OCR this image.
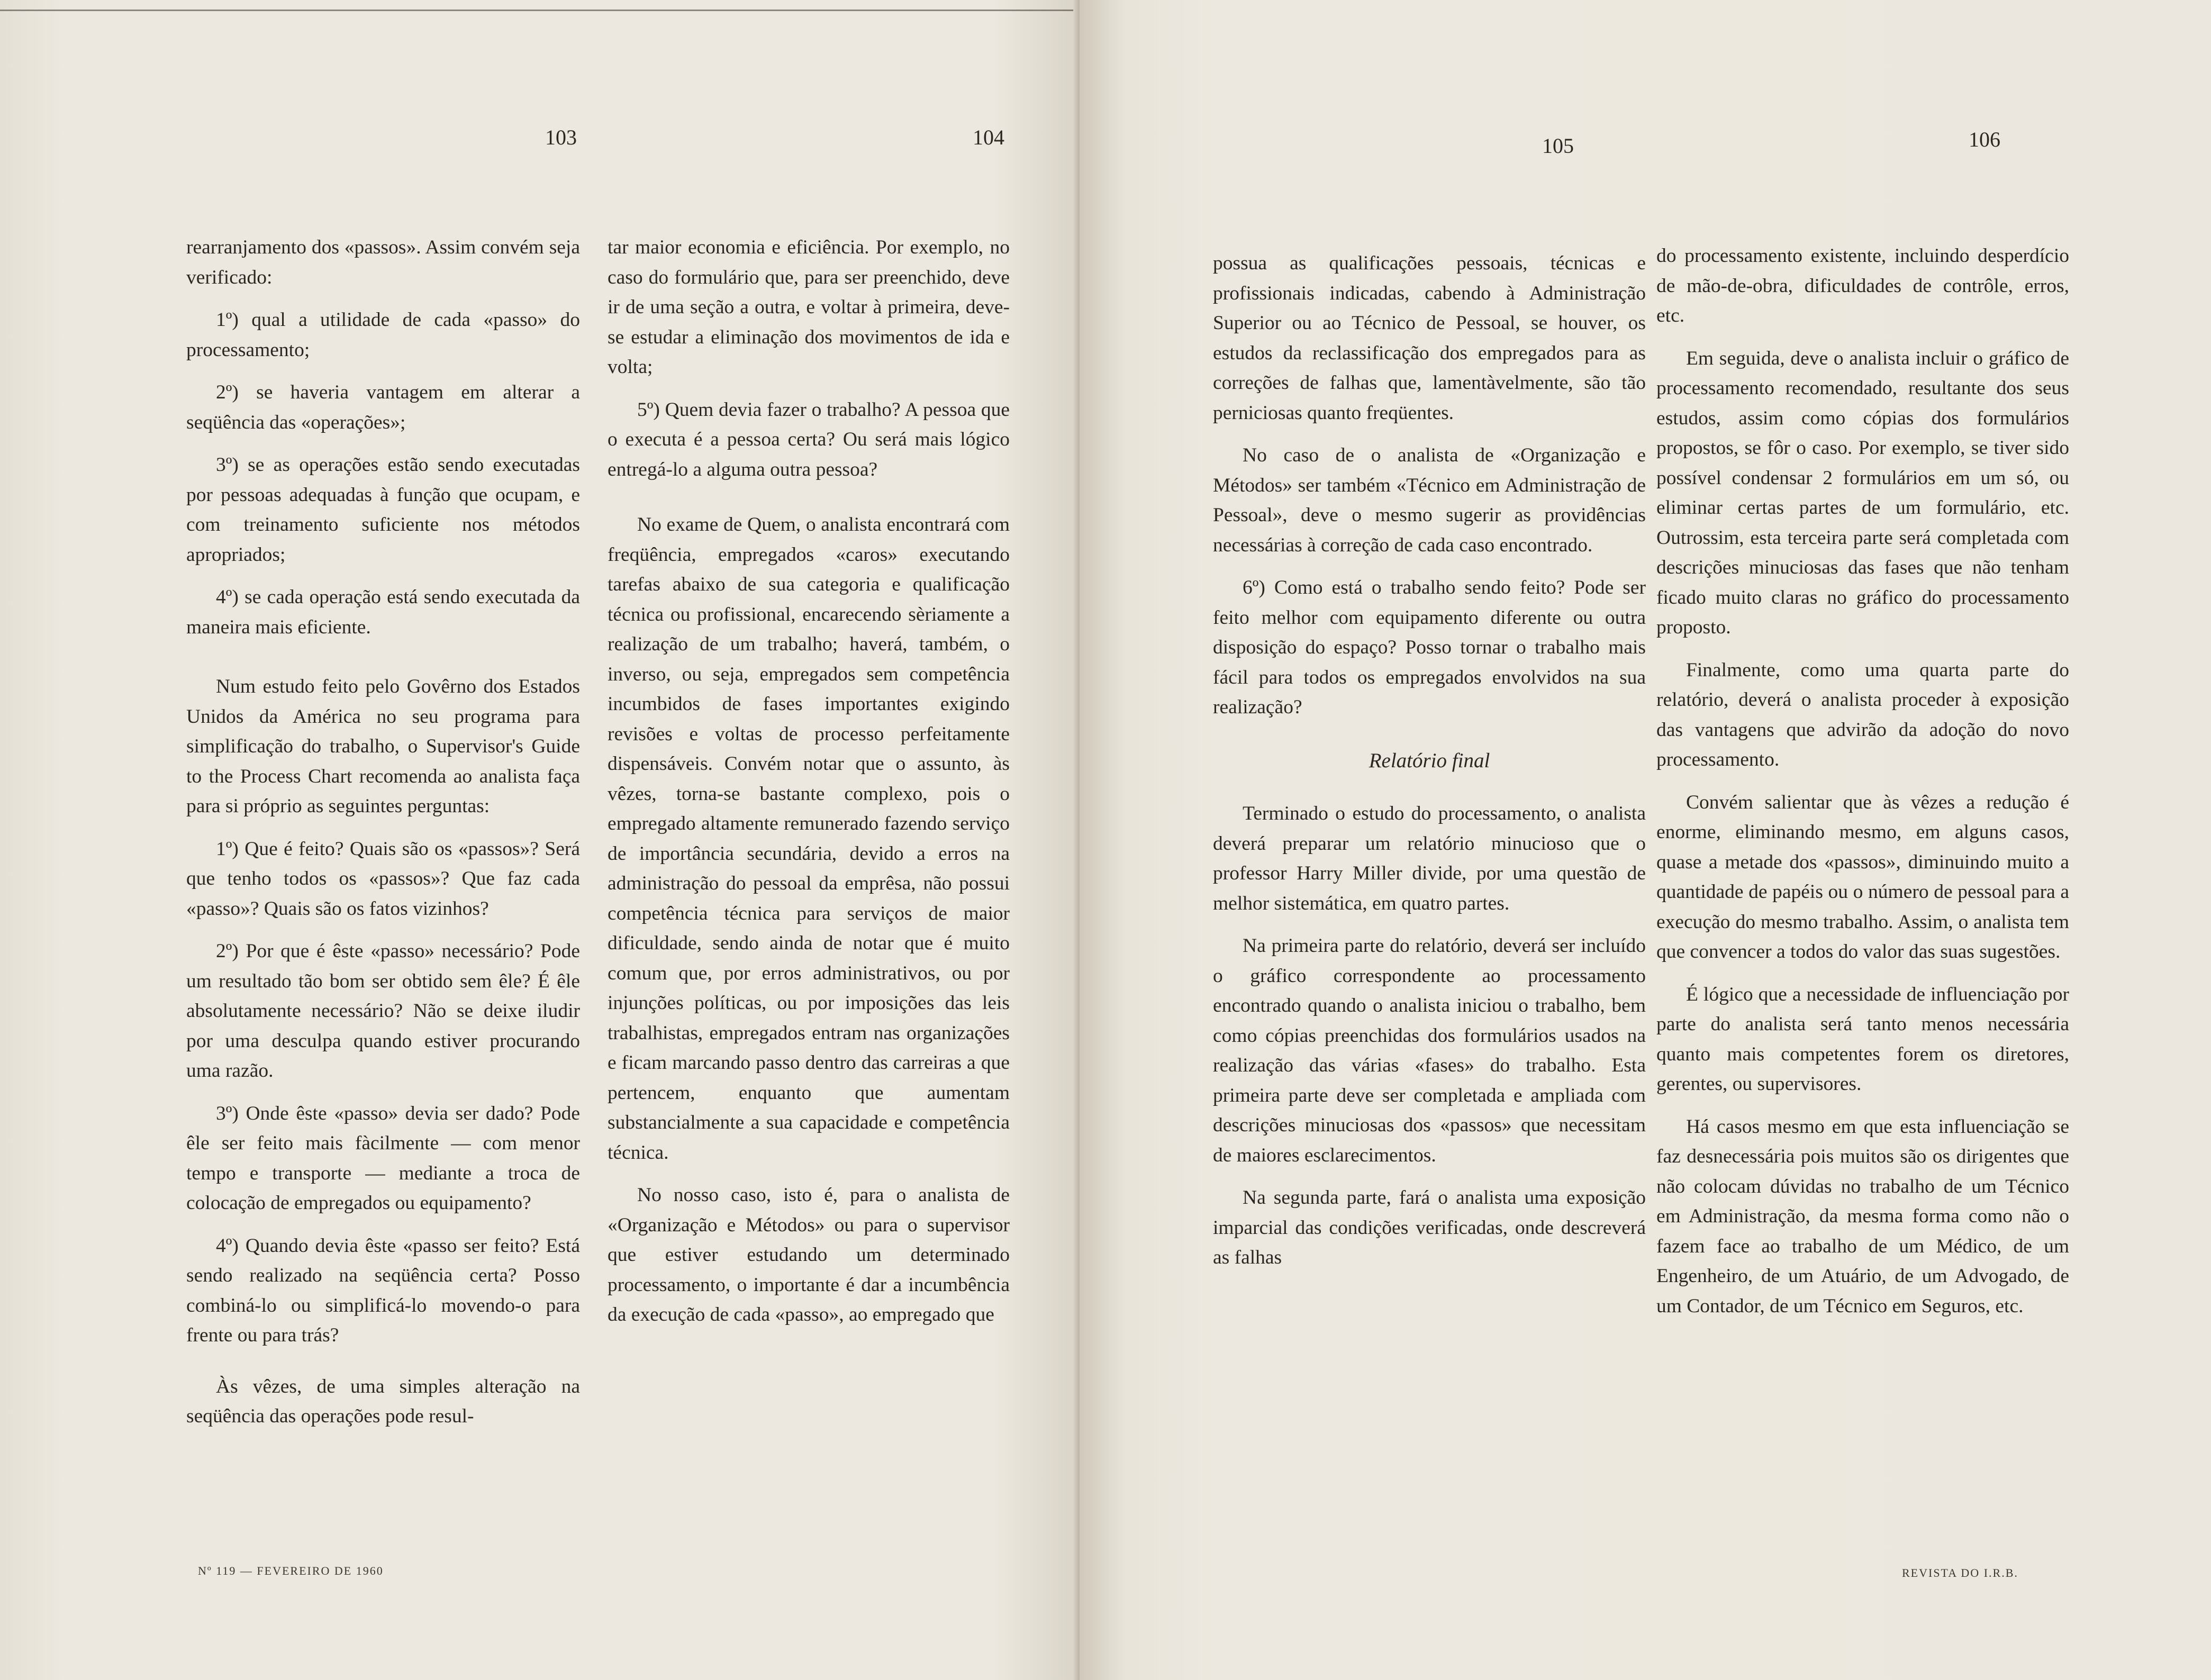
103	104

rearranjamento dos «passos». Assim convém seja verificado:

1º) qual a utilidade de cada «passo» do processamento;

2º) se haveria vantagem em alterar a seqüência das «operações»;

3º) se as operações estão sendo executadas por pessoas adequadas à função que ocupam, e com treinamento suficiente nos métodos apropriados;

4º) se cada operação está sendo executada da maneira mais eficiente.

Num estudo feito pelo Govêrno dos Estados Unidos da América no seu programa para simplificação do trabalho, o Supervisor's Guide to the Process Chart recomenda ao analista faça para si próprio as seguintes perguntas:

1º) Que é feito? Quais são os «passos»? Será que tenho todos os «passos»? Que faz cada «passo»? Quais são os fatos vizinhos?

2º) Por que é êste «passo» necessário? Pode um resultado tão bom ser obtido sem êle? É êle absolutamente necessário? Não se deixe iludir por uma desculpa quando estiver procurando uma razão.

3º) Onde êste «passo» devia ser dado? Pode êle ser feito mais fàcilmente — com menor tempo e transporte — mediante a troca de colocação de empregados ou equipamento?

4º) Quando devia êste «passo ser feito? Está sendo realizado na seqüência certa? Posso combiná-lo ou simplificá-lo movendo-o para frente ou para trás?

Às vêzes, de uma simples alteração na seqüência das operações pode resul-

tar maior economia e eficiência. Por exemplo, no caso do formulário que, para ser preenchido, deve ir de uma seção a outra, e voltar à primeira, deve-se estudar a eliminação dos movimentos de ida e volta;

5º) Quem devia fazer o trabalho? A pessoa que o executa é a pessoa certa? Ou será mais lógico entregá-lo a alguma outra pessoa?

No exame de Quem, o analista encontrará com freqüência, empregados «caros» executando tarefas abaixo de sua categoria e qualificação técnica ou profissional, encarecendo sèriamente a realização de um trabalho; haverá, também, o inverso, ou seja, empregados sem competência incumbidos de fases importantes exigindo revisões e voltas de processo perfeitamente dispensáveis. Convém notar que o assunto, às vêzes, torna-se bastante complexo, pois o empregado altamente remunerado fazendo serviço de importância secundária, devido a erros na administração do pessoal da emprêsa, não possui competência técnica para serviços de maior dificuldade, sendo ainda de notar que é muito comum que, por erros administrativos, ou por injunções políticas, ou por imposições das leis trabalhistas, empregados entram nas organizações e ficam marcando passo dentro das carreiras a que pertencem, enquanto que aumentam substancialmente a sua capacidade e competência técnica.

No nosso caso, isto é, para o analista de «Organização e Métodos» ou para o supervisor que estiver estudando um determinado processamento, o importante é dar a incumbência da execução de cada «passo», ao empregado que

Nº 119 — FEVEREIRO DE 1960
105	106

possua as qualificações pessoais, técnicas e profissionais indicadas, cabendo à Administração Superior ou ao Técnico de Pessoal, se houver, os estudos da reclassificação dos empregados para as correções de falhas que, lamentàvelmente, são tão perniciosas quanto freqüentes.

No caso de o analista de «Organização e Métodos» ser também «Técnico em Administração de Pessoal», deve o mesmo sugerir as providências necessárias à correção de cada caso encontrado.

6º) Como está o trabalho sendo feito? Pode ser feito melhor com equipamento diferente ou outra disposição do espaço? Posso tornar o trabalho mais fácil para todos os empregados envolvidos na sua realização?

Relatório final

Terminado o estudo do processamento, o analista deverá preparar um relatório minucioso que o professor Harry Miller divide, por uma questão de melhor sistemática, em quatro partes.

Na primeira parte do relatório, deverá ser incluído o gráfico correspondente ao processamento encontrado quando o analista iniciou o trabalho, bem como cópias preenchidas dos formulários usados na realização das várias «fases» do trabalho. Esta primeira parte deve ser completada e ampliada com descrições minuciosas dos «passos» que necessitam de maiores esclarecimentos.

Na segunda parte, fará o analista uma exposição imparcial das condições verificadas, onde descreverá as falhas

do processamento existente, incluindo desperdício de mão-de-obra, dificuldades de contrôle, erros, etc.

Em seguida, deve o analista incluir o gráfico de processamento recomendado, resultante dos seus estudos, assim como cópias dos formulários propostos, se fôr o caso. Por exemplo, se tiver sido possível condensar 2 formulários em um só, ou eliminar certas partes de um formulário, etc. Outrossim, esta terceira parte será completada com descrições minuciosas das fases que não tenham ficado muito claras no gráfico do processamento proposto.

Finalmente, como uma quarta parte do relatório, deverá o analista proceder à exposição das vantagens que advirão da adoção do novo processamento.

Convém salientar que às vêzes a redução é enorme, eliminando mesmo, em alguns casos, quase a metade dos «passos», diminuindo muito a quantidade de papéis ou o número de pessoal para a execução do mesmo trabalho. Assim, o analista tem que convencer a todos do valor das suas sugestões.

É lógico que a necessidade de influenciação por parte do analista será tanto menos necessária quanto mais competentes forem os diretores, gerentes, ou supervisores.

Há casos mesmo em que esta influenciação se faz desnecessária pois muitos são os dirigentes que não colocam dúvidas no trabalho de um Técnico em Administração, da mesma forma como não o fazem face ao trabalho de um Médico, de um Engenheiro, de um Atuário, de um Advogado, de um Contador, de um Técnico em Seguros, etc.

REVISTA DO I.R.B.
